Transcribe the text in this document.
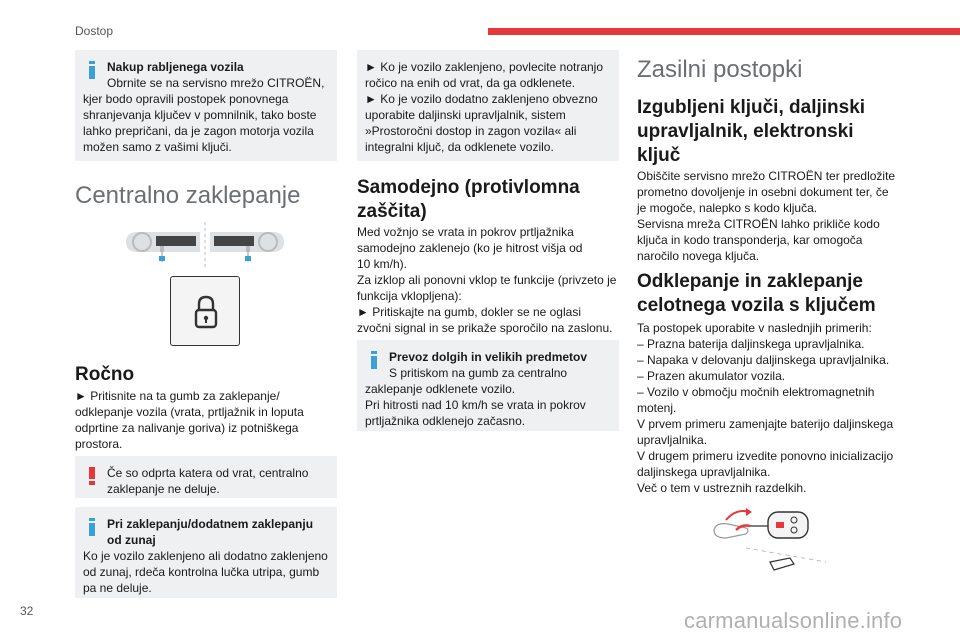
Dostop
Nakup rabljenega vozila
Obrnite se na servisno mrežo CITROËN,
kjer bodo opravili postopek ponovnega
shranjevanja ključev v pomnilnik, tako boste
lahko prepričani, da je zagon motorja vozila
možen samo z vašimi ključi.
Centralno zaklepanje
Ročno
► Pritisnite na ta gumb za zaklepanje/
odklepanje vozila (vrata, prtljažnik in loputa
odprtine za nalivanje goriva) iz potniškega
prostora.
Če so odprta katera od vrat, centralno
zaklepanje ne deluje.
Pri zaklepanju/dodatnem zaklepanju
od zunaj
Ko je vozilo zaklenjeno ali dodatno zaklenjeno
od zunaj, rdeča kontrolna lučka utripa, gumb
pa ne deluje.
► Ko je vozilo zaklenjeno, povlecite notranjo
ročico na enih od vrat, da ga odklenete.
► Ko je vozilo dodatno zaklenjeno obvezno
uporabite daljinski upravljalnik, sistem
»Prostoročni dostop in zagon vozila« ali
integralni ključ, da odklenete vozilo.
Samodejno (protivlomna
zaščita)
Med vožnjo se vrata in pokrov prtljažnika
samodejno zaklenejo (ko je hitrost višja od
10 km/h).
Za izklop ali ponovni vklop te funkcije (privzeto je
funkcija vklopljena):
► Pritiskajte na gumb, dokler se ne oglasi
zvočni signal in se prikaže sporočilo na zaslonu.
Prevoz dolgih in velikih predmetov
S pritiskom na gumb za centralno
zaklepanje odklenete vozilo.
Pri hitrosti nad 10 km/h se vrata in pokrov
prtljažnika odklenejo začasno.
Zasilni postopki
Izgubljeni ključi, daljinski
upravljalnik, elektronski
ključ
Obiščite servisno mrežo CITROËN ter predložite
prometno dovoljenje in osebni dokument ter, če
je mogoče, nalepko s kodo ključa.
Servisna mreža CITROËN lahko prikliče kodo
ključa in kodo transponderja, kar omogoča
naročilo novega ključa.
Odklepanje in zaklepanje
celotnega vozila s ključem
Ta postopek uporabite v naslednjih primerih:
– Prazna baterija daljinskega upravljalnika.
– Napaka v delovanju daljinskega upravljalnika.
– Prazen akumulator vozila.
– Vozilo v območju močnih elektromagnetnih
motenj.
V prvem primeru zamenjajte baterijo daljinskega
upravljalnika.
V drugem primeru izvedite ponovno inicializacijo
daljinskega upravljalnika.
Več o tem v ustreznih razdelkih.
32	carmanualsonline.info
